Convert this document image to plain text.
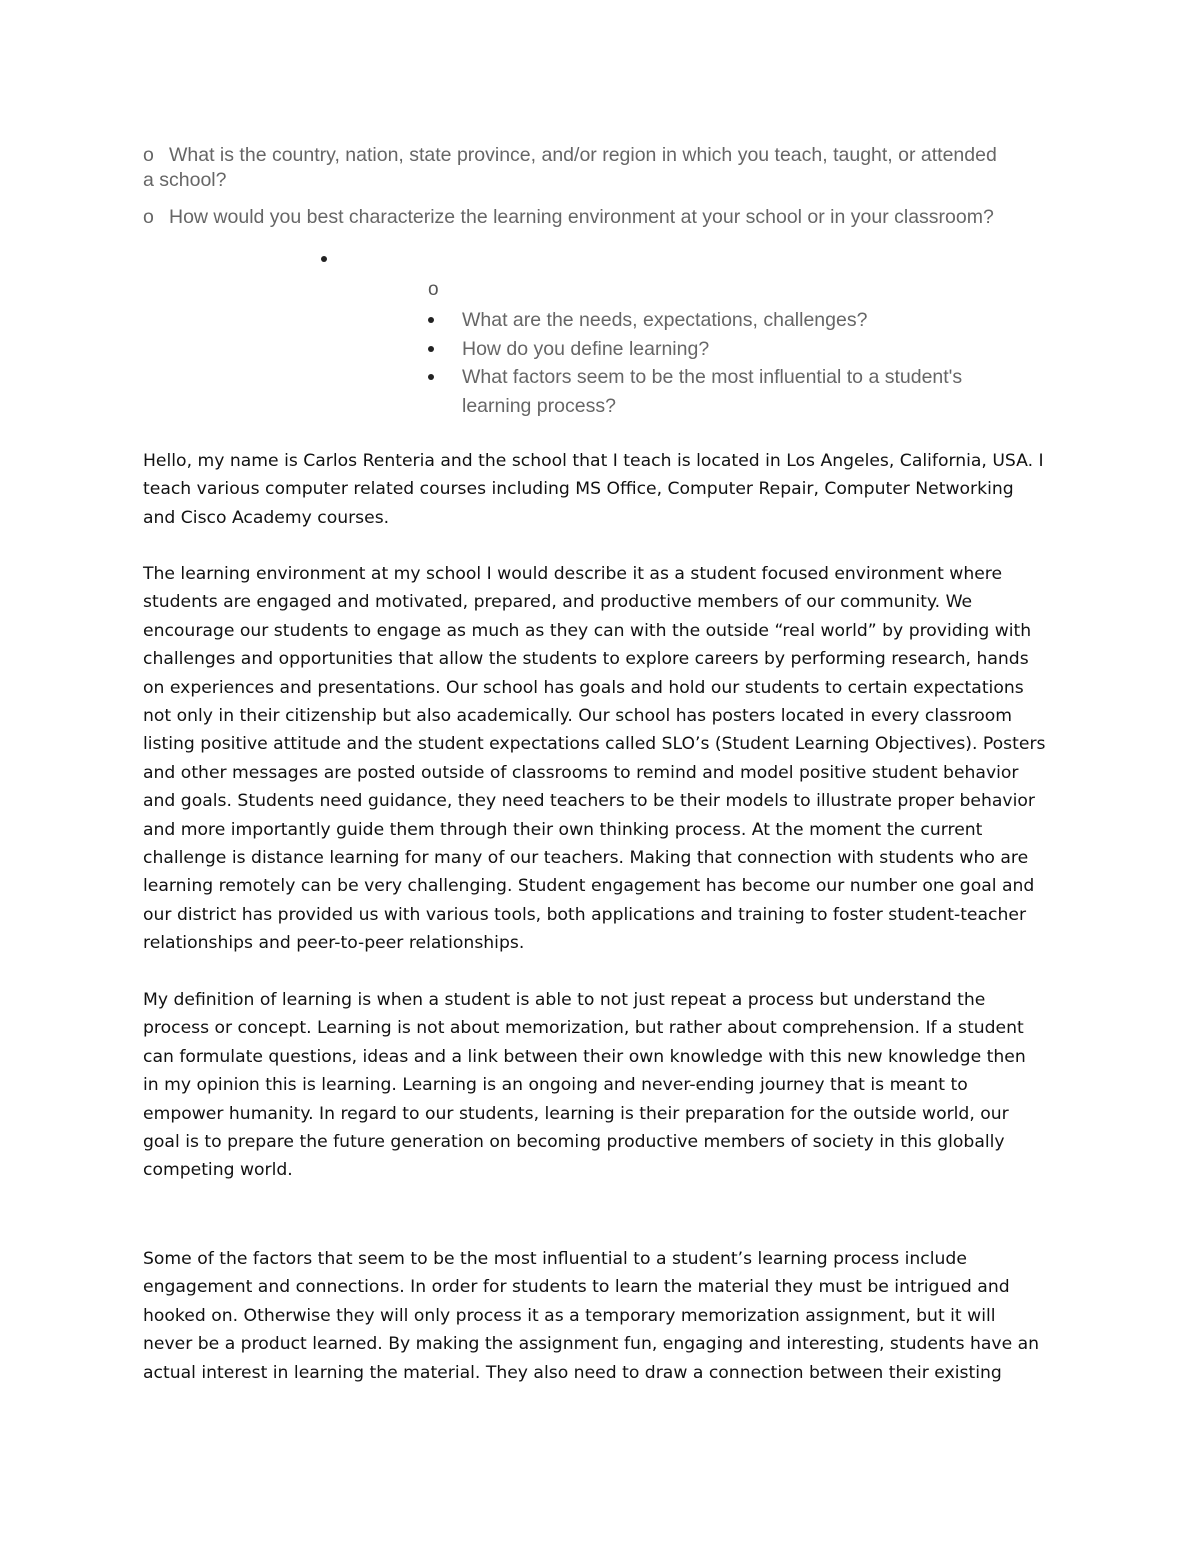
o What is the country, nation, state province, and/or region in which you teach, taught, or attended
a school?
o How would you best characterize the learning environment at your school or in your classroom?
o
What are the needs, expectations, challenges?
How do you define learning?
What factors seem to be the most influential to a student's
learning process?
Hello, my name is Carlos Renteria and the school that I teach is located in Los Angeles, California, USA. I
teach various computer related courses including MS Office, Computer Repair, Computer Networking
and Cisco Academy courses.
The learning environment at my school I would describe it as a student focused environment where
students are engaged and motivated, prepared, and productive members of our community. We
encourage our students to engage as much as they can with the outside “real world” by providing with
challenges and opportunities that allow the students to explore careers by performing research, hands
on experiences and presentations. Our school has goals and hold our students to certain expectations
not only in their citizenship but also academically. Our school has posters located in every classroom
listing positive attitude and the student expectations called SLO’s (Student Learning Objectives). Posters
and other messages are posted outside of classrooms to remind and model positive student behavior
and goals. Students need guidance, they need teachers to be their models to illustrate proper behavior
and more importantly guide them through their own thinking process. At the moment the current
challenge is distance learning for many of our teachers. Making that connection with students who are
learning remotely can be very challenging. Student engagement has become our number one goal and
our district has provided us with various tools, both applications and training to foster student-teacher
relationships and peer-to-peer relationships.
My definition of learning is when a student is able to not just repeat a process but understand the
process or concept. Learning is not about memorization, but rather about comprehension. If a student
can formulate questions, ideas and a link between their own knowledge with this new knowledge then
in my opinion this is learning. Learning is an ongoing and never-ending journey that is meant to
empower humanity. In regard to our students, learning is their preparation for the outside world, our
goal is to prepare the future generation on becoming productive members of society in this globally
competing world.
Some of the factors that seem to be the most influential to a student’s learning process include
engagement and connections. In order for students to learn the material they must be intrigued and
hooked on. Otherwise they will only process it as a temporary memorization assignment, but it will
never be a product learned. By making the assignment fun, engaging and interesting, students have an
actual interest in learning the material. They also need to draw a connection between their existing
